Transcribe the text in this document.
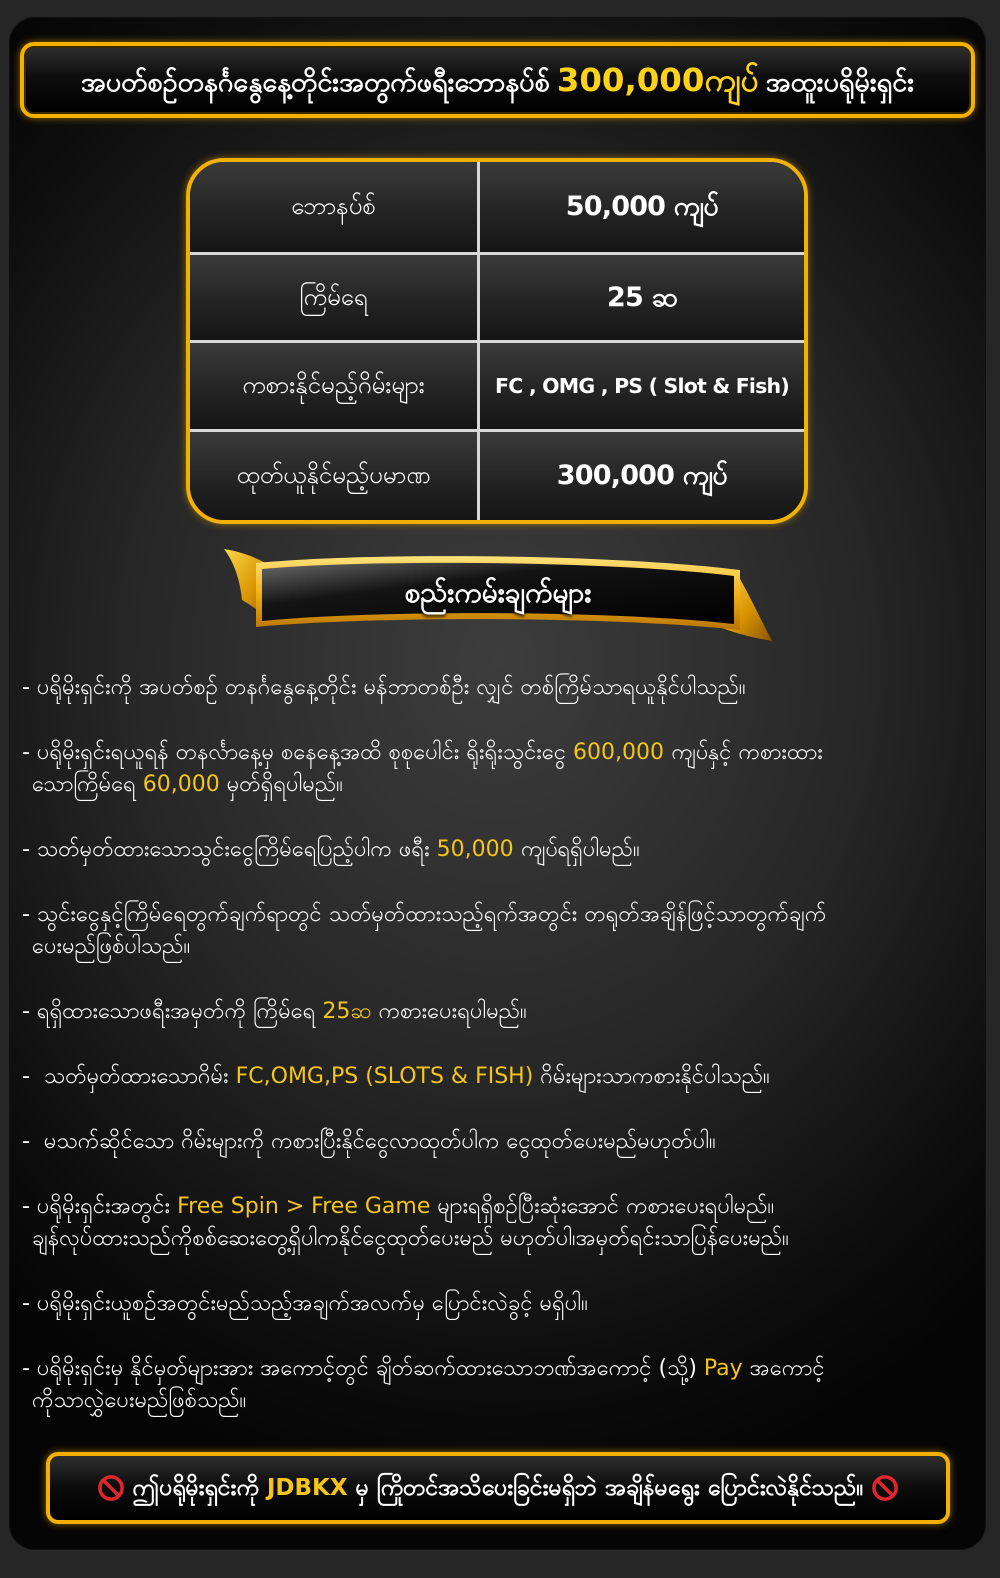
အပတ်စဉ်တနင်္ဂနွေနေ့တိုင်းအတွက်ဖရီးဘောနပ်စ် 300,000ကျပ် အထူးပရိုမိုးရှင်း
ဘောနပ်စ်	50,000 ကျပ်
ကြိမ်ရေ	25 ဆ
ကစားနိုင်မည့်ဂိမ်းများ	FC , OMG , PS ( Slot & Fish)
ထုတ်ယူနိုင်မည့်ပမာဏ	300,000 ကျပ်
စည်းကမ်းချက်များ
- ပရိုမိုးရှင်းကို အပတ်စဉ် တနင်္ဂနွေနေ့တိုင်း မန်ဘာတစ်ဦး လျှင် တစ်ကြိမ်သာရယူနိုင်ပါသည်။
- ပရိုမိုးရှင်းရယူရန် တနင်္လာနေ့မှ စနေနေ့အထိ စုစုပေါင်း ရိုးရိုးသွင်းငွေ 600,000 ကျပ်နှင့် ကစားထား
သောကြိမ်ရေ 60,000 မှတ်ရှိရပါမည်။
- သတ်မှတ်ထားသောသွင်းငွေကြိမ်ရေပြည့်ပါက ဖရီး 50,000 ကျပ်ရရှိပါမည်။
- သွင်းငွေနှင့်ကြိမ်ရေတွက်ချက်ရာတွင် သတ်မှတ်ထားသည့်ရက်အတွင်း တရုတ်အချိန်ဖြင့်သာတွက်ချက်
ပေးမည်ဖြစ်ပါသည်။
- ရရှိထားသောဖရီးအမှတ်ကို ကြိမ်ရေ 25ဆ ကစားပေးရပါမည်။
-  သတ်မှတ်ထားသောဂိမ်း FC,OMG,PS (SLOTS & FISH) ဂိမ်းများသာကစားနိုင်ပါသည်။
-  မသက်ဆိုင်သော ဂိမ်းများကို ကစားပြီးနိုင်ငွေလာထုတ်ပါက ငွေထုတ်ပေးမည်မဟုတ်ပါ။
- ပရိုမိုးရှင်းအတွင်း Free Spin > Free Game များရရှိစဉ်ပြီးဆုံးအောင် ကစားပေးရပါမည်။
ချန်လုပ်ထားသည်ကိုစစ်ဆေးတွေ့ရှိပါကနိုင်ငွေထုတ်ပေးမည် မဟုတ်ပါ၊အမှတ်ရင်းသာပြန်ပေးမည်။
- ပရိုမိုးရှင်းယူစဉ်အတွင်းမည်သည့်အချက်အလက်မှ ပြောင်းလဲခွင့် မရှိပါ။
- ပရိုမိုးရှင်းမှ နိုင်မှတ်များအား အကောင့်တွင် ချိတ်ဆက်ထားသောဘဏ်အကောင့် (သို့) Pay အကောင့်
ကိုသာလွှဲပေးမည်ဖြစ်သည်။
ဤပရိုမိုးရှင်းကို JDBKX မှ ကြိုတင်အသိပေးခြင်းမရှိဘဲ အချိန်မရွေး ပြောင်းလဲနိုင်သည်။
